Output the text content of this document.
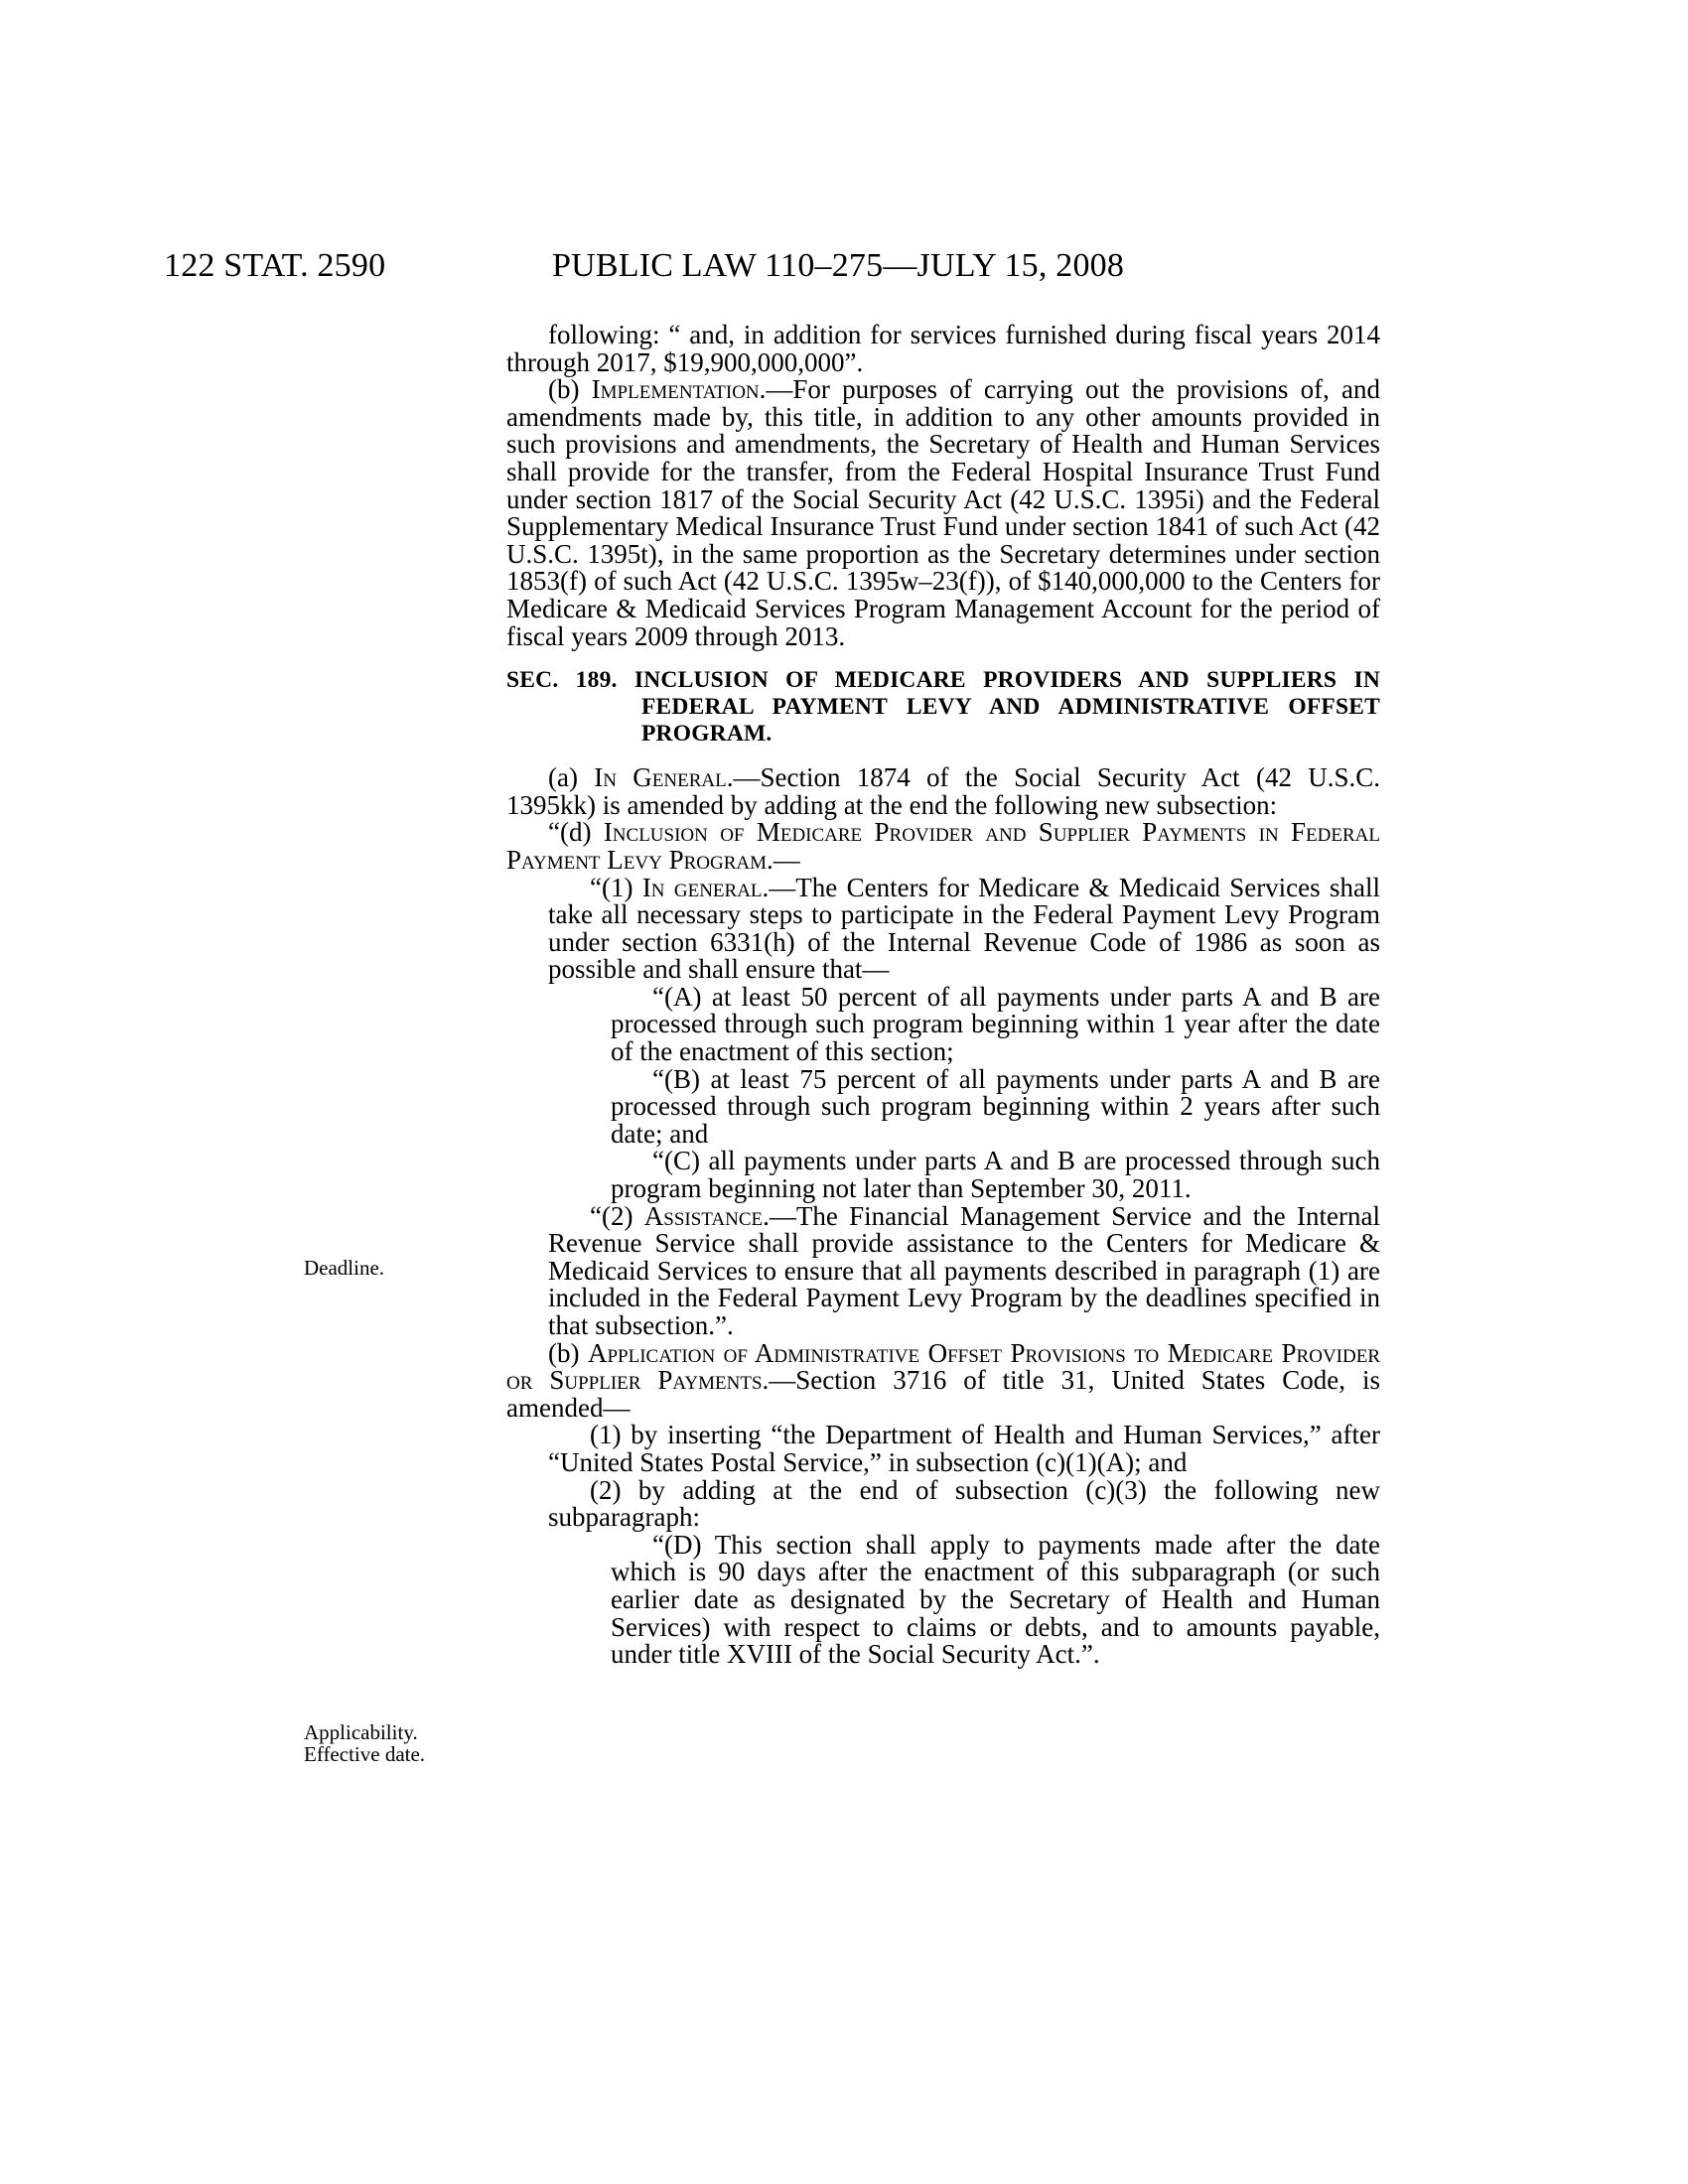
122 STAT. 2590	PUBLIC LAW 110–275—JULY 15, 2008
Deadline.
Applicability.
Effective date.

following: “ and, in addition for services furnished during fiscal years 2014 through 2017, $19,900,000,000”.

(b) Implementation.—For purposes of carrying out the provisions of, and amendments made by, this title, in addition to any other amounts provided in such provisions and amendments, the Secretary of Health and Human Services shall provide for the transfer, from the Federal Hospital Insurance Trust Fund under section 1817 of the Social Security Act (42 U.S.C. 1395i) and the Federal Supplementary Medical Insurance Trust Fund under section 1841 of such Act (42 U.S.C. 1395t), in the same proportion as the Secretary determines under section 1853(f) of such Act (42 U.S.C. 1395w–23(f)), of $140,000,000 to the Centers for Medicare & Medicaid Services Program Management Account for the period of fiscal years 2009 through 2013.

SEC. 189. INCLUSION OF MEDICARE PROVIDERS AND SUPPLIERS IN FEDERAL PAYMENT LEVY AND ADMINISTRATIVE OFFSET PROGRAM.

(a) In General.—Section 1874 of the Social Security Act (42 U.S.C. 1395kk) is amended by adding at the end the following new subsection:

“(d) Inclusion of Medicare Provider and Supplier Payments in Federal Payment Levy Program.—

“(1) In general.—The Centers for Medicare & Medicaid Services shall take all necessary steps to participate in the Federal Payment Levy Program under section 6331(h) of the Internal Revenue Code of 1986 as soon as possible and shall ensure that—

“(A) at least 50 percent of all payments under parts A and B are processed through such program beginning within 1 year after the date of the enactment of this section;

“(B) at least 75 percent of all payments under parts A and B are processed through such program beginning within 2 years after such date; and

“(C) all payments under parts A and B are processed through such program beginning not later than September 30, 2011.

“(2) Assistance.—The Financial Management Service and the Internal Revenue Service shall provide assistance to the Centers for Medicare & Medicaid Services to ensure that all payments described in paragraph (1) are included in the Federal Payment Levy Program by the deadlines specified in that subsection.”.

(b) Application of Administrative Offset Provisions to Medicare Provider or Supplier Payments.—Section 3716 of title 31, United States Code, is amended—

(1) by inserting “the Department of Health and Human Services,” after “United States Postal Service,” in subsection (c)(1)(A); and

(2) by adding at the end of subsection (c)(3) the following new subparagraph:

“(D) This section shall apply to payments made after the date which is 90 days after the enactment of this subparagraph (or such earlier date as designated by the Secretary of Health and Human Services) with respect to claims or debts, and to amounts payable, under title XVIII of the Social Security Act.”.
